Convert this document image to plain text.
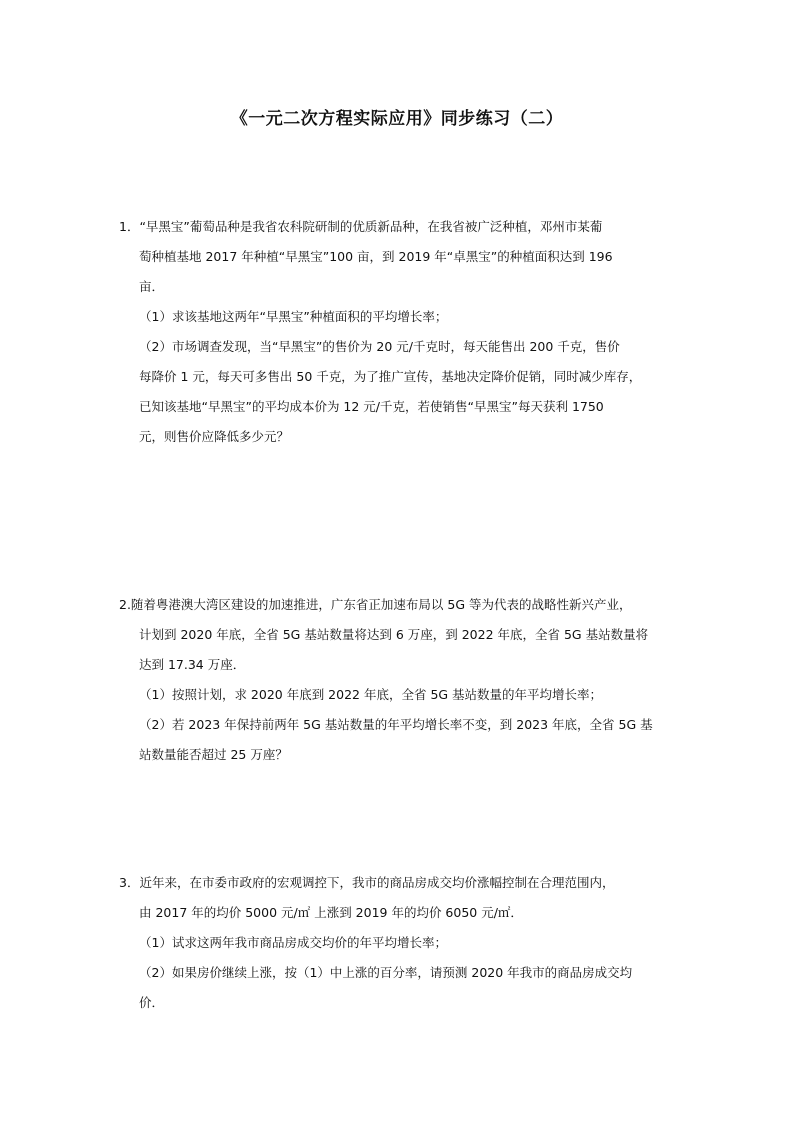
《一元二次方程实际应用》同步练习（二）
1．“早黑宝”葡萄品种是我省农科院研制的优质新品种，在我省被广泛种植，邓州市某葡
萄种植基地 2017 年种植“早黑宝”100 亩，到 2019 年“卓黑宝”的种植面积达到 196
亩．
（1）求该基地这两年“早黑宝”种植面积的平均增长率；
（2）市场调查发现，当“早黑宝”的售价为 20 元/千克时，每天能售出 200 千克，售价
每降价 1 元，每天可多售出 50 千克，为了推广宣传，基地决定降价促销，同时减少库存，
已知该基地“早黑宝”的平均成本价为 12 元/千克，若使销售“早黑宝”每天获利 1750
元，则售价应降低多少元？
2.随着粤港澳大湾区建设的加速推进，广东省正加速布局以 5G 等为代表的战略性新兴产业，
计划到 2020 年底，全省 5G 基站数量将达到 6 万座，到 2022 年底，全省 5G 基站数量将
达到 17.34 万座．
（1）按照计划，求 2020 年底到 2022 年底，全省 5G 基站数量的年平均增长率；
（2）若 2023 年保持前两年 5G 基站数量的年平均增长率不变，到 2023 年底，全省 5G 基
站数量能否超过 25 万座？
3．近年来，在市委市政府的宏观调控下，我市的商品房成交均价涨幅控制在合理范围内，
由 2017 年的均价 5000 元/㎡ 上涨到 2019 年的均价 6050 元/㎡．
（1）试求这两年我市商品房成交均价的年平均增长率；
（2）如果房价继续上涨，按（1）中上涨的百分率，请预测 2020 年我市的商品房成交均
价．
